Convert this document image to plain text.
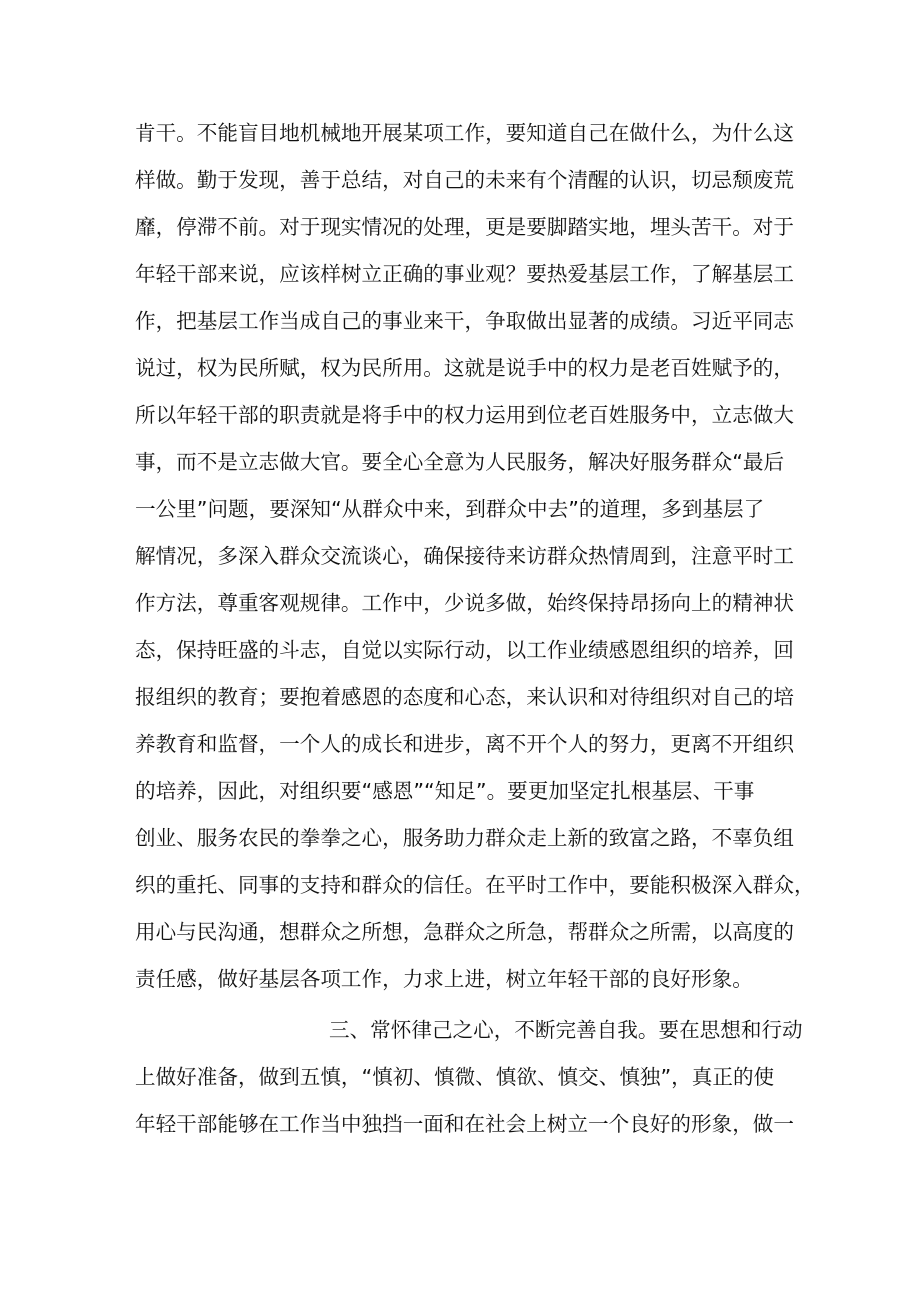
肯干。不能盲目地机械地开展某项工作，要知道自己在做什么，为什么这
样做。勤于发现，善于总结，对自己的未来有个清醒的认识，切忌颓废荒
靡，停滞不前。对于现实情况的处理，更是要脚踏实地，埋头苦干。对于
年轻干部来说，应该样树立正确的事业观？要热爱基层工作，了解基层工
作，把基层工作当成自己的事业来干，争取做出显著的成绩。习近平同志
说过，权为民所赋，权为民所用。这就是说手中的权力是老百姓赋予的，
所以年轻干部的职责就是将手中的权力运用到位老百姓服务中，立志做大
事，而不是立志做大官。要全心全意为人民服务，解决好服务群众“最后
一公里”问题，要深知“从群众中来，到群众中去”的道理，多到基层了
解情况，多深入群众交流谈心，确保接待来访群众热情周到，注意平时工
作方法，尊重客观规律。工作中，少说多做，始终保持昂扬向上的精神状
态，保持旺盛的斗志，自觉以实际行动，以工作业绩感恩组织的培养，回
报组织的教育；要抱着感恩的态度和心态，来认识和对待组织对自己的培
养教育和监督，一个人的成长和进步，离不开个人的努力，更离不开组织
的培养，因此，对组织要“感恩”“知足”。要更加坚定扎根基层、干事
创业、服务农民的拳拳之心，服务助力群众走上新的致富之路，不辜负组
织的重托、同事的支持和群众的信任。在平时工作中，要能积极深入群众，
用心与民沟通，想群众之所想，急群众之所急，帮群众之所需，以高度的
责任感，做好基层各项工作，力求上进，树立年轻干部的良好形象。
三、常怀律己之心，不断完善自我。要在思想和行动
上做好准备，做到五慎，“慎初、慎微、慎欲、慎交、慎独”，真正的使
年轻干部能够在工作当中独挡一面和在社会上树立一个良好的形象，做一
